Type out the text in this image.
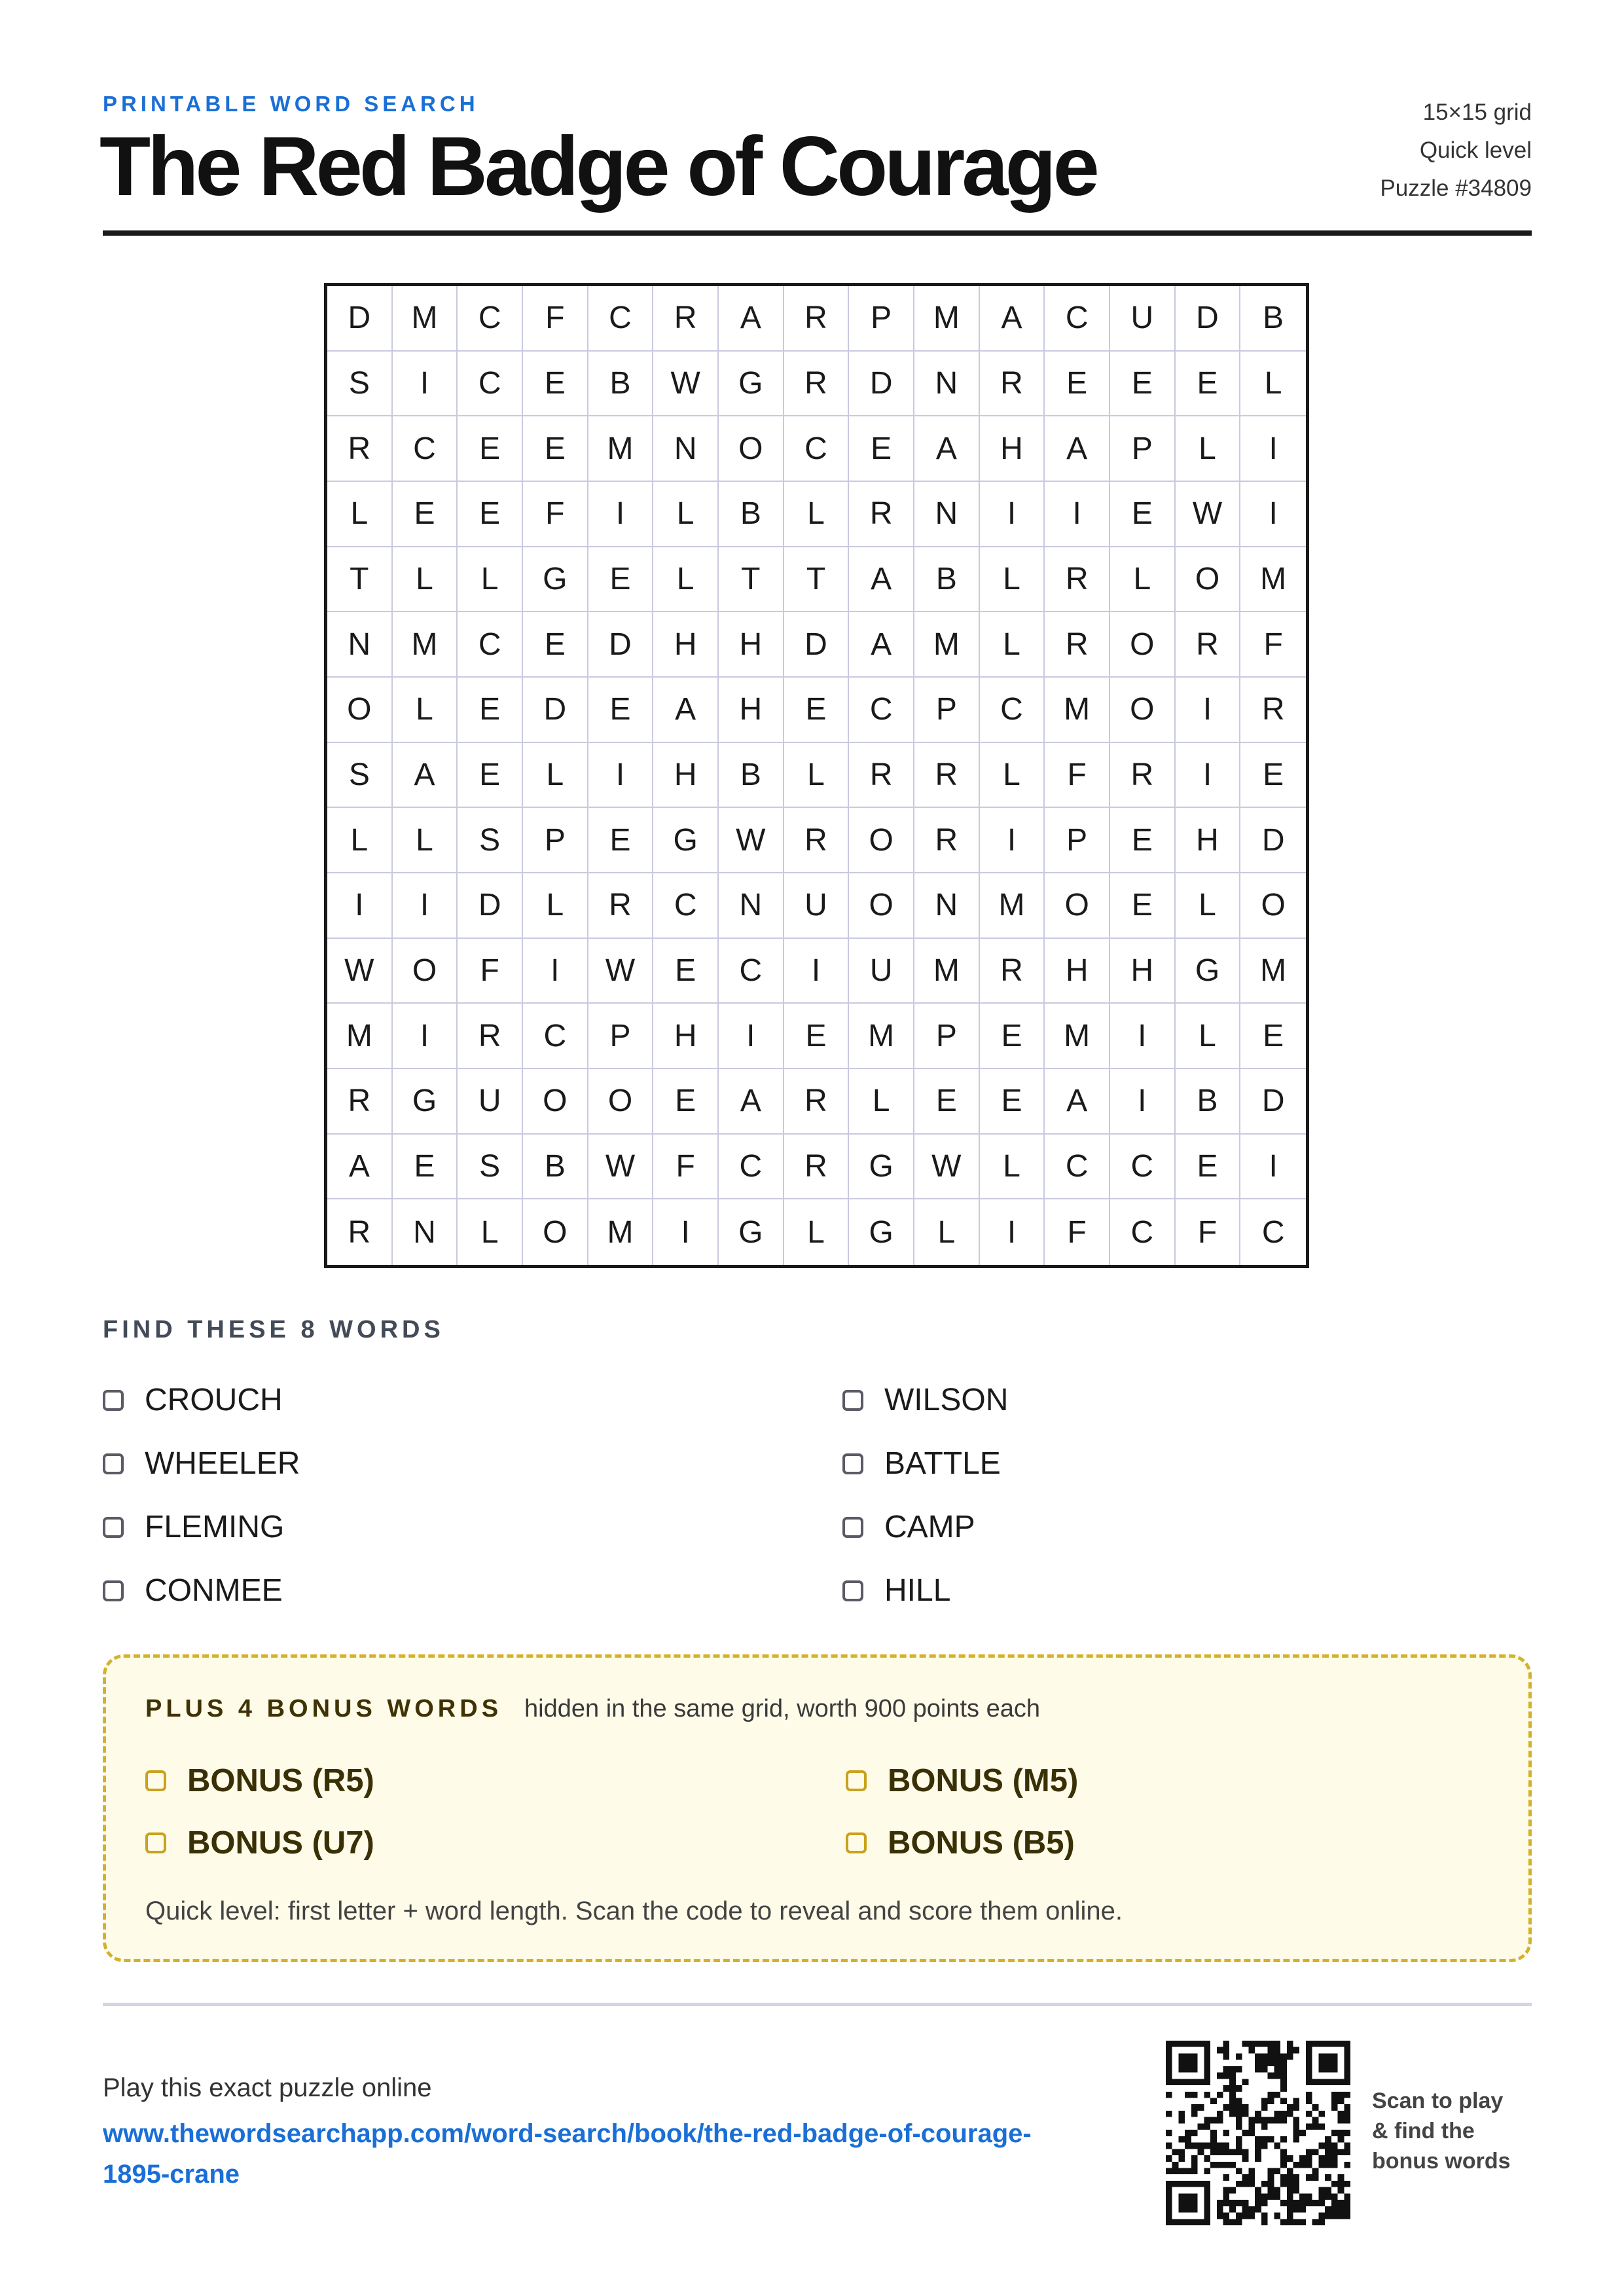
PRINTABLE WORD SEARCH
The Red Badge of Courage
15×15 grid
Quick level
Puzzle #34809
D	M	C	F	C	R	A	R	P	M	A	C	U	D	B
S	I	C	E	B	W	G	R	D	N	R	E	E	E	L
R	C	E	E	M	N	O	C	E	A	H	A	P	L	I
L	E	E	F	I	L	B	L	R	N	I	I	E	W	I
T	L	L	G	E	L	T	T	A	B	L	R	L	O	M
N	M	C	E	D	H	H	D	A	M	L	R	O	R	F
O	L	E	D	E	A	H	E	C	P	C	M	O	I	R
S	A	E	L	I	H	B	L	R	R	L	F	R	I	E
L	L	S	P	E	G	W	R	O	R	I	P	E	H	D
I	I	D	L	R	C	N	U	O	N	M	O	E	L	O
W	O	F	I	W	E	C	I	U	M	R	H	H	G	M
M	I	R	C	P	H	I	E	M	P	E	M	I	L	E
R	G	U	O	O	E	A	R	L	E	E	A	I	B	D
A	E	S	B	W	F	C	R	G	W	L	C	C	E	I
R	N	L	O	M	I	G	L	G	L	I	F	C	F	C
FIND THESE 8 WORDS
CROUCH	WILSON
WHEELER	BATTLE
FLEMING	CAMP
CONMEE	HILL
PLUS 4 BONUS WORDS hidden in the same grid, worth 900 points each
BONUS (R5)	BONUS (M5)
BONUS (U7)	BONUS (B5)
Quick level: first letter + word length. Scan the code to reveal and score them online.
Play this exact puzzle online
www.thewordsearchapp.com/word-search/book/the-red-badge-of-courage-1895-crane
Scan to play & find the bonus words
